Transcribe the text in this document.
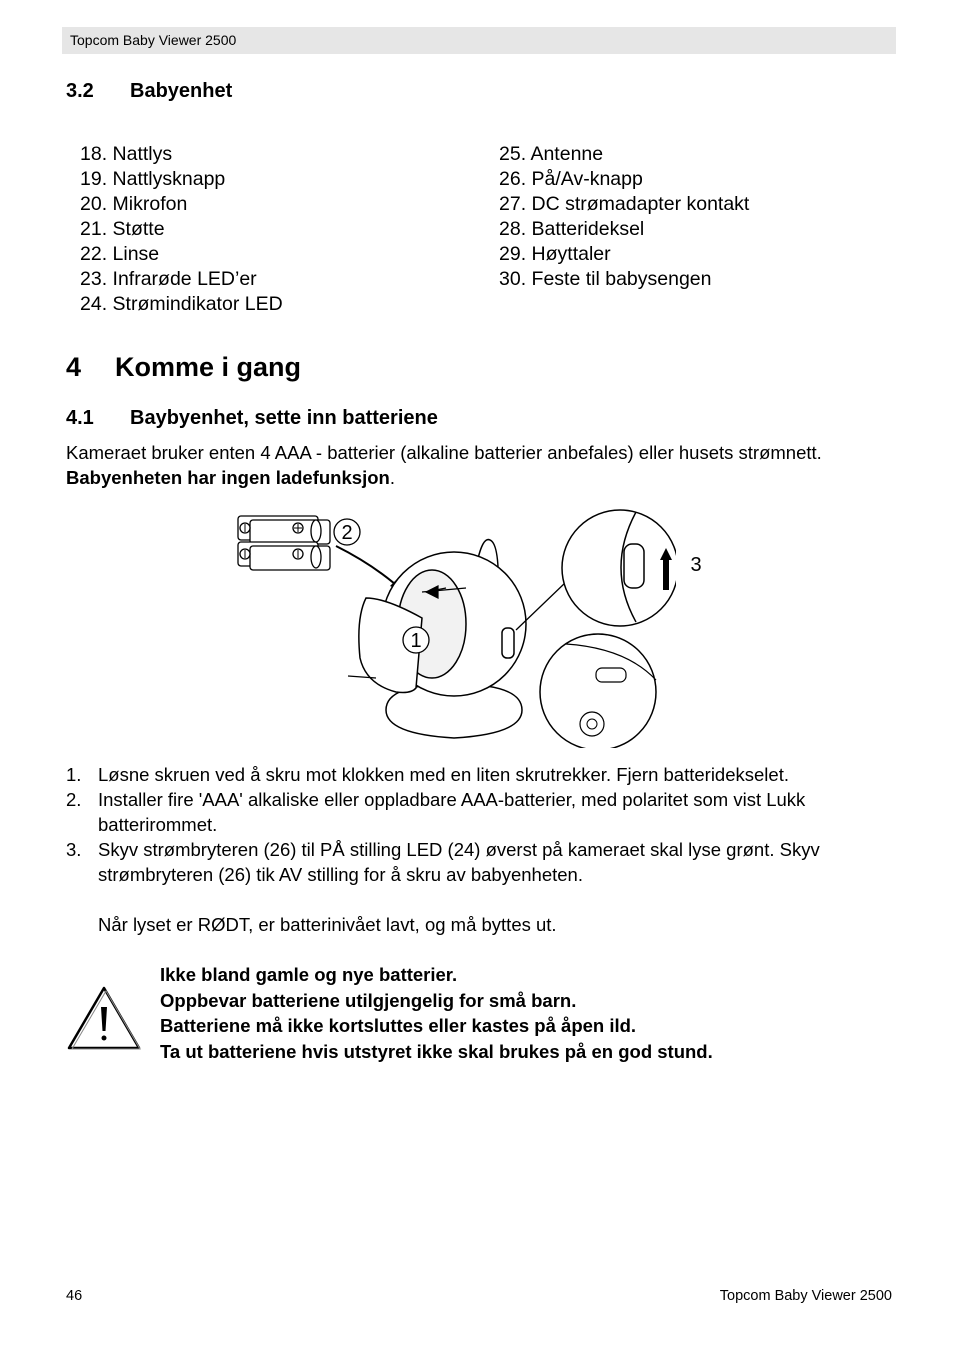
Topcom Baby Viewer 2500
3.2 Babyenhet
18. Nattlys
19. Nattlysknapp
20. Mikrofon
21. Støtte
22. Linse
23. Infrarøde LED’er
24. Strømindikator LED
25. Antenne
26. På/Av-knapp
27. DC strømadapter kontakt
28. Batterideksel
29. Høyttaler
30. Feste til babysengen
4 Komme i gang
4.1 Baybyenhet, sette inn batteriene
Kameraet bruker enten 4 AAA - batterier (alkaline batterier anbefales) eller husets strømnett.
Babyenheten har ingen ladefunksjon.
2
1
3
1. Løsne skruen ved å skru mot klokken med en liten skrutrekker. Fjern batteridekselet.
2. Installer fire 'AAA' alkaliske eller oppladbare AAA-batterier, med polaritet som vist Lukk batterirommet.
3. Skyv strømbryteren (26) til PÅ stilling LED (24) øverst på kameraet skal lyse grønt. Skyv strømbryteren (26) tik AV stilling for å skru av babyenheten.
Når lyset er RØDT, er batterinivået lavt, og må byttes ut.
Ikke bland gamle og nye batterier.
Oppbevar batteriene utilgjengelig for små barn.
Batteriene må ikke kortsluttes eller kastes på åpen ild.
Ta ut batteriene hvis utstyret ikke skal brukes på en god stund.
46	Topcom Baby Viewer 2500
